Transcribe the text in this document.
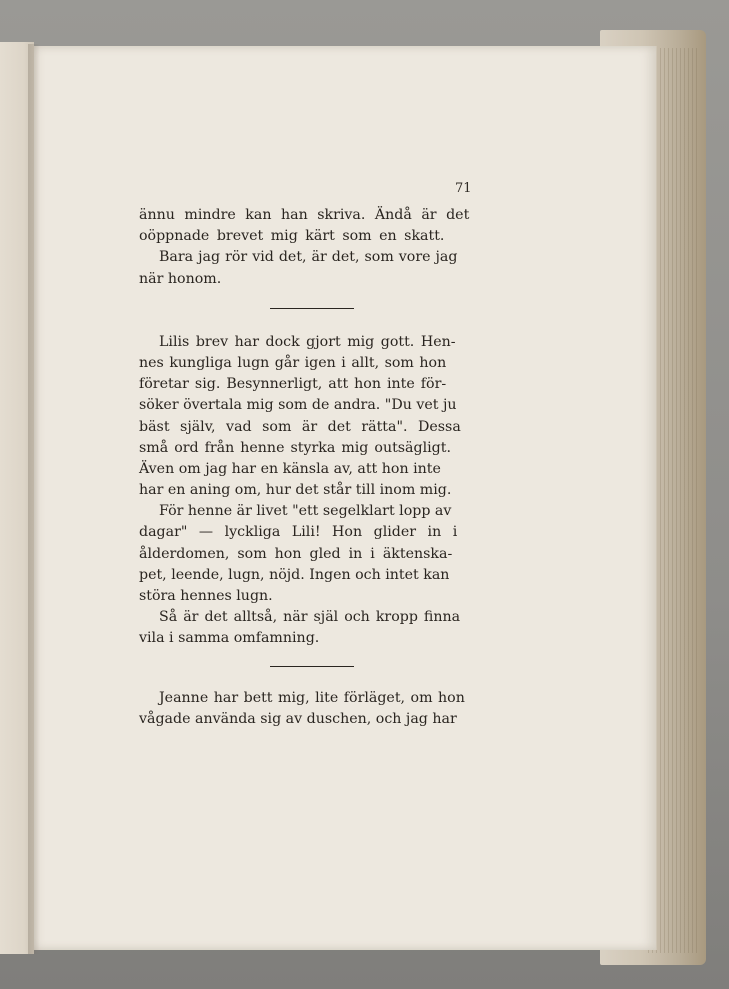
71

ännu mindre kan han skriva. Ändå är det

oöppnade brevet mig kärt som en skatt.

Bara jag rör vid det, är det, som vore jag

när honom.

Lilis brev har dock gjort mig gott. Hen-

nes kungliga lugn går igen i allt, som hon

företar sig. Besynnerligt, att hon inte för-

söker övertala mig som de andra. "Du vet ju

bäst själv, vad som är det rätta". Dessa

små ord från henne styrka mig outsägligt.

Även om jag har en känsla av, att hon inte

har en aning om, hur det står till inom mig.

För henne är livet "ett segelklart lopp av

dagar" — lyckliga Lili! Hon glider in i

ålderdomen, som hon gled in i äktenska-

pet, leende, lugn, nöjd. Ingen och intet kan

störa hennes lugn.

Så är det alltså, när själ och kropp finna

vila i samma omfamning.

Jeanne har bett mig, lite förläget, om hon

vågade använda sig av duschen, och jag har
